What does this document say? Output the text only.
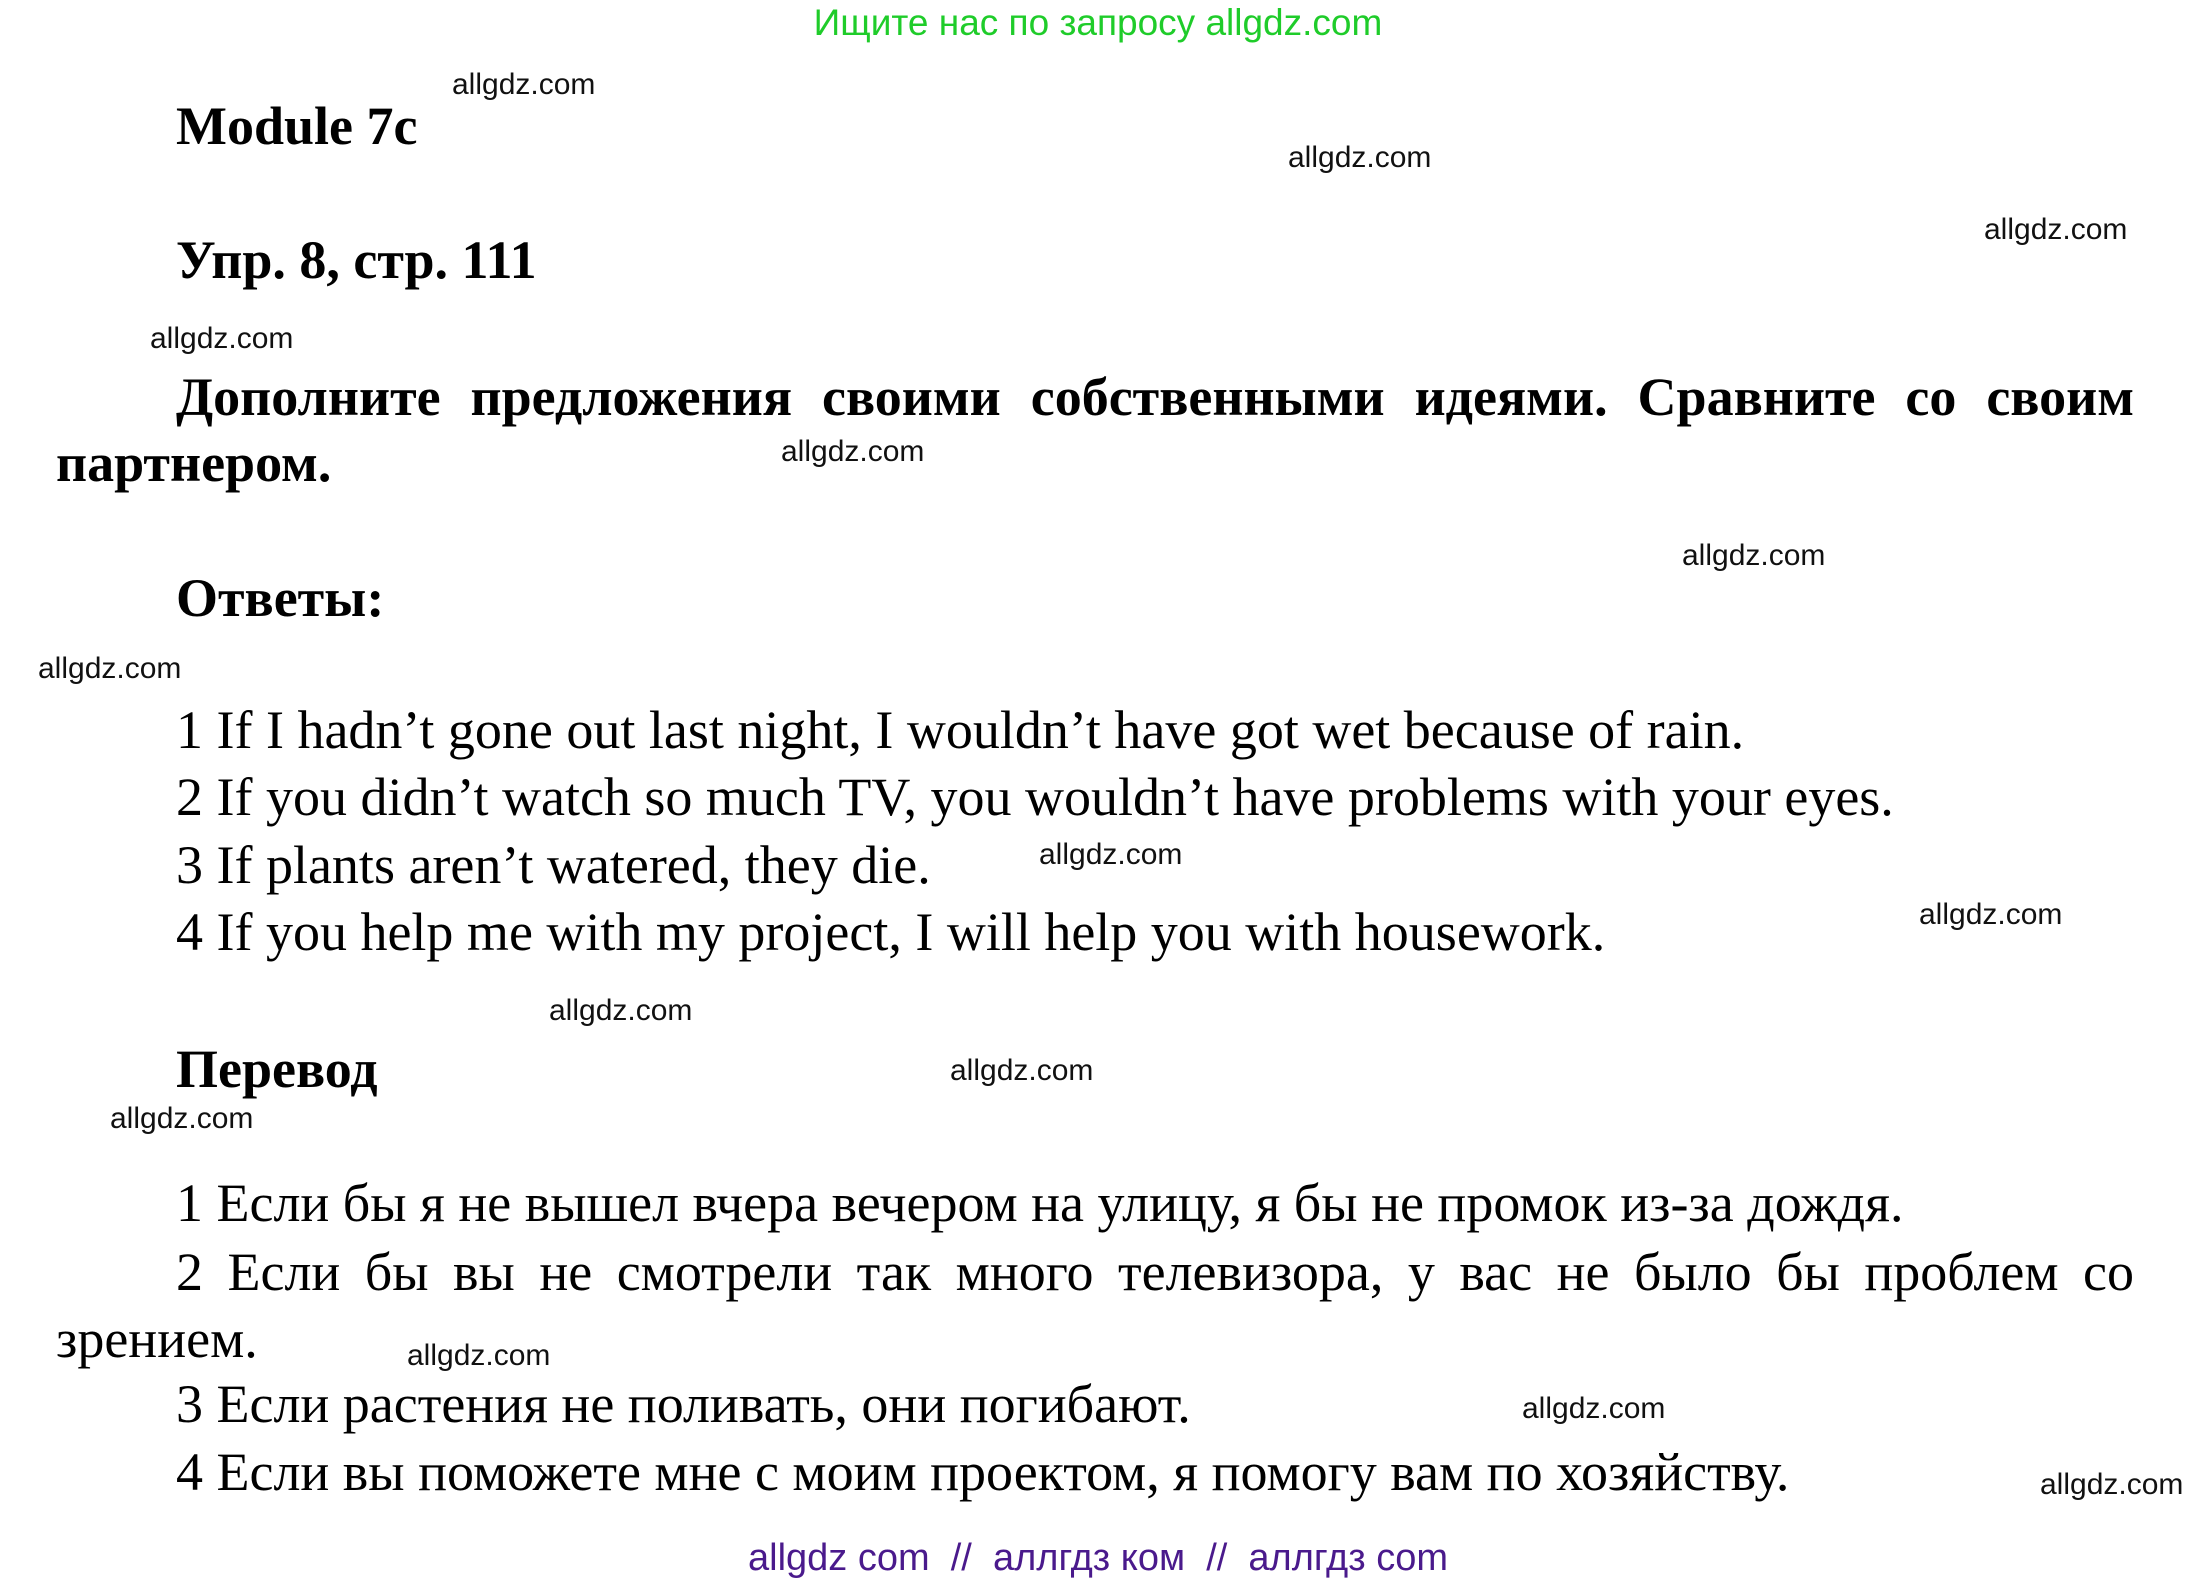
Ищите нас по запросу allgdz.com
Module 7c
Упр. 8, стр. 111
Дополните предложения своими собственными идеями. Сравните со своим партнером.
Ответы:
1 If I hadn’t gone out last night, I wouldn’t have got wet because of rain.
2 If you didn’t watch so much TV, you wouldn’t have problems with your eyes.
3 If plants aren’t watered, they die.
4 If you help me with my project, I will help you with housework.
Перевод
1 Если бы я не вышел вчера вечером на улицу, я бы не промок из-за дождя.
2 Если бы вы не смотрели так много телевизора, у вас не было бы проблем со зрением.
3 Если растения не поливать, они погибают.
4 Если вы поможете мне с моим проектом, я помогу вам по хозяйству.
allgdz.com
allgdz.com
allgdz.com
allgdz.com
allgdz.com
allgdz.com
allgdz.com
allgdz.com
allgdz.com
allgdz.com
allgdz.com
allgdz.com
allgdz.com
allgdz.com
allgdz.com
allgdz com  //  аллгдз ком  //  аллгдз com
